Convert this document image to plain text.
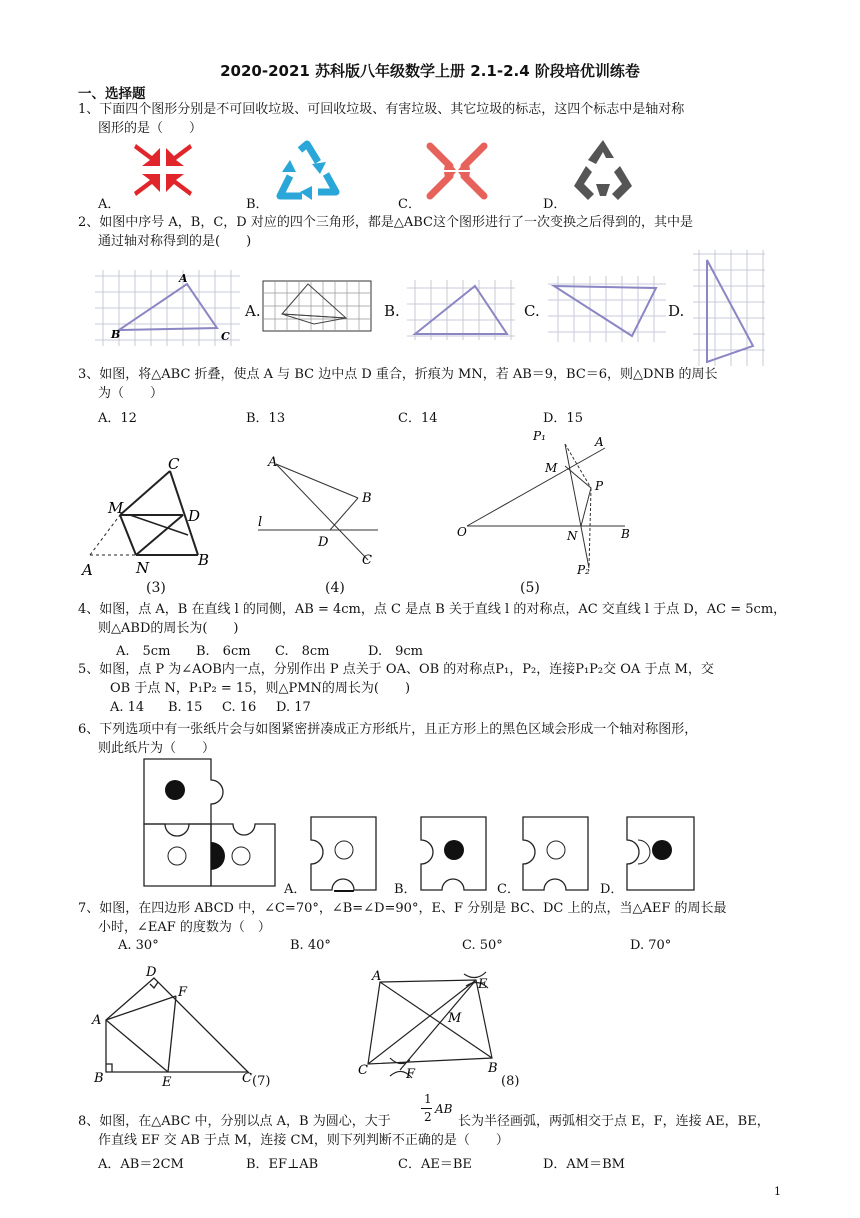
2020-2021 苏科版八年级数学上册 2.1-2.4 阶段培优训练卷
一、选择题
1、下面四个图形分别是不可回收垃圾、可回收垃圾、有害垃圾、其它垃圾的标志，这四个标志中是轴对称
图形的是（　　）
A．	B．	C．	D．
2、如图中序号 A，B，C，D 对应的四个三角形，都是△ABC这个图形进行了一次变换之后得到的，其中是
通过轴对称得到的是(　　)
A
B	C
A.	B.	C.	D.
3、如图，将△ABC 折叠，使点 A 与 BC 边中点 D 重合，折痕为 MN，若 AB＝9，BC＝6，则△DNB 的周长
为（　　）
A．12	B．13	C．14	D．15
C
M	D
A	N	B
A
B
l
D
C
P₁	A
M
P
O	N	B
P₂
(3)	(4)	(5)
4、如图，点 A，B 在直线 l 的同侧，AB = 4cm，点 C 是点 B 关于直线 l 的对称点，AC 交直线 l 于点 D，AC = 5cm，
则△ABD的周长为(　　)
A.　5cm B.　6cm C.　8cm	D.　9cm
5、如图，点 P 为∠AOB内一点，分别作出 P 点关于 OA、OB 的对称点P₁，P₂，连接P₁P₂交 OA 于点 M，交
OB 于点 N，P₁P₂ = 15，则△PMN的周长为(　　)
A. 14 B. 15 C. 16 D. 17
6、下列选项中有一张纸片会与如图紧密拼凑成正方形纸片，且正方形上的黑色区域会形成一个轴对称图形，
则此纸片为（　　）
A．	B．	C．	D．
7、如图，在四边形 ABCD 中，∠C=70°，∠B=∠D=90°，E、F 分别是 BC、DC 上的点，当△AEF 的周长最
小时，∠EAF 的度数为（　）
A. 30°	B. 40°	C. 50°	D. 70°
D
F
A
B	E	C (7)
A
E
M
C	F	B
(8)
8、如图，在△ABC 中，分别以点 A，B 为圆心，大于
1
2
AB
长为半径画弧，两弧相交于点 E，F，连接 AE，BE，
作直线 EF 交 AB 于点 M，连接 CM，则下列判断不正确的是（　　）
A．AB＝2CM	B．EF⊥AB	C．AE＝BE	D．AM＝BM
1
